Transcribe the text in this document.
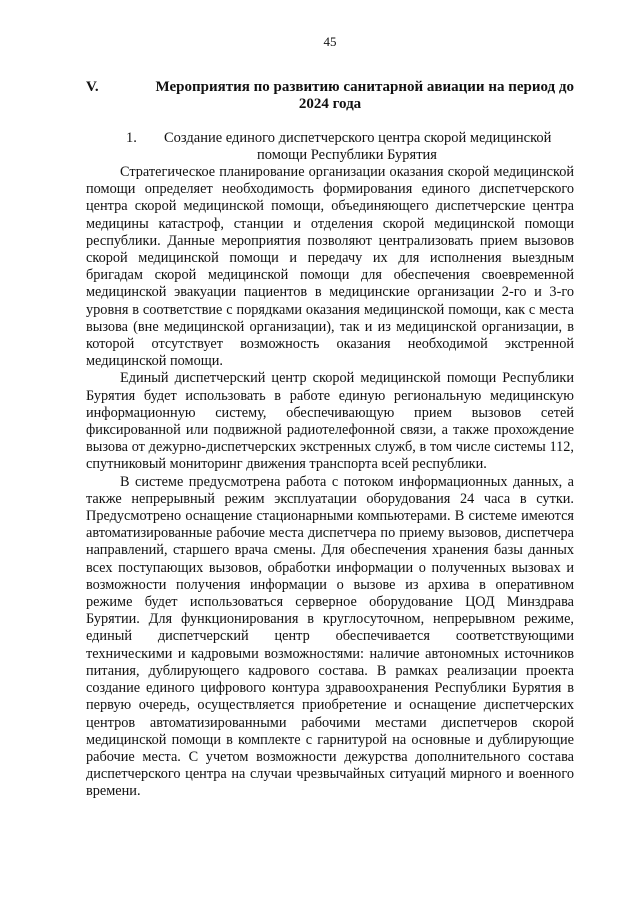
45
V.	Мероприятия по развитию санитарной авиации на период до
2024 года
1. Создание единого диспетчерского центра скорой медицинской
помощи Республики Бурятия

Стратегическое планирование организации оказания скорой медицинской помощи определяет необходимость формирования единого диспетчерского центра скорой медицинской помощи, объединяющего диспетчерские центра медицины катастроф, станции и отделения скорой медицинской помощи республики. Данные мероприятия позволяют централизовать прием вызовов скорой медицинской помощи и передачу их для исполнения выездным бригадам скорой медицинской помощи для обеспечения своевременной медицинской эвакуации пациентов в медицинские организации 2-го и 3-го уровня в соответствие с порядками оказания медицинской помощи, как с места вызова (вне медицинской организации), так и из медицинской организации, в которой отсутствует возможность оказания необходимой экстренной медицинской помощи.

Единый диспетчерский центр скорой медицинской помощи Республики Бурятия будет использовать в работе единую региональную медицинскую информационную систему, обеспечивающую прием вызовов сетей фиксированной или подвижной радиотелефонной связи, а также прохождение вызова от дежурно-диспетчерских экстренных служб, в том числе системы 112, спутниковый мониторинг движения транспорта всей республики.

В системе предусмотрена работа с потоком информационных данных, а также непрерывный режим эксплуатации оборудования 24 часа в сутки. Предусмотрено оснащение стационарными компьютерами. В системе имеются автоматизированные рабочие места диспетчера по приему вызовов, диспетчера направлений, старшего врача смены. Для обеспечения хранения базы данных всех поступающих вызовов, обработки информации о полученных вызовах и возможности получения информации о вызове из архива в оперативном режиме будет использоваться серверное оборудование ЦОД Минздрава Бурятии. Для функционирования в круглосуточном, непрерывном режиме, единый диспетчерский центр обеспечивается соответствующими техническими и кадровыми возможностями: наличие автономных источников питания, дублирующего кадрового состава. В рамках реализации проекта создание единого цифрового контура здравоохранения Республики Бурятия в первую очередь, осуществляется приобретение и оснащение диспетчерских центров автоматизированными рабочими местами диспетчеров скорой медицинской помощи в комплекте с гарнитурой на основные и дублирующие рабочие места. С учетом возможности дежурства дополнительного состава диспетчерского центра на случаи чрезвычайных ситуаций мирного и военного времени.
